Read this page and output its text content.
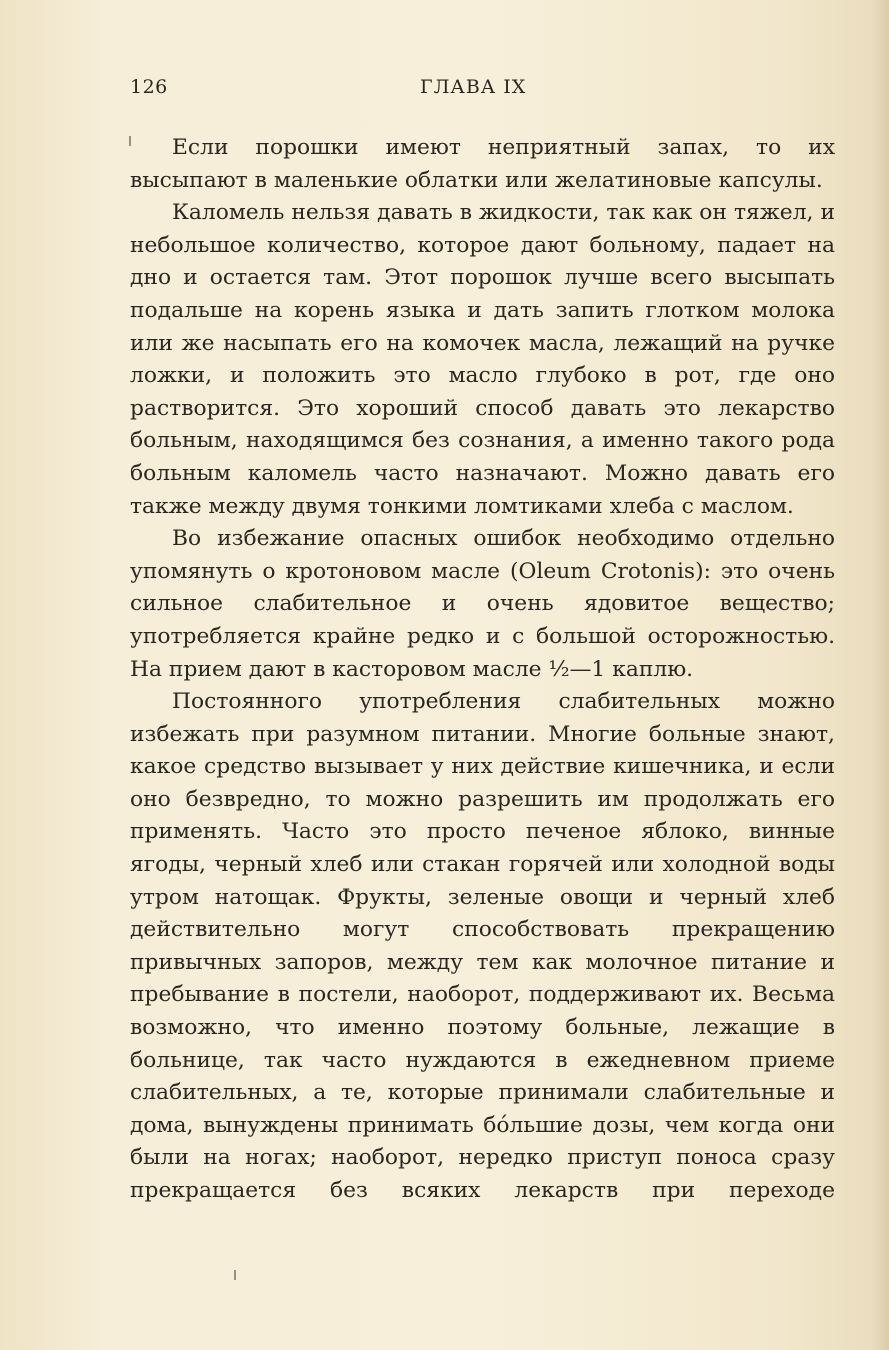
126	ГЛАВА IX

Если порошки имеют неприятный запах, то их высыпают в маленькие облатки или желатиновые капсулы.

Каломель нельзя давать в жидкости, так как он тяжел, и небольшое количество, которое дают больному, падает на дно и остается там. Этот порошок лучше всего высыпать подальше на корень языка и дать запить глотком молока или же насыпать его на комочек масла, лежащий на ручке ложки, и положить это масло глубоко в рот, где оно растворится. Это хороший способ давать это лекарство больным, находящимся без сознания, а именно такого рода больным каломель часто назначают. Можно давать его также между двумя тонкими ломтиками хлеба с маслом.

Во избежание опасных ошибок необходимо отдельно упомянуть о кротоновом масле (Oleum Crotonis): это очень сильное слабительное и очень ядовитое вещество; употребляется крайне редко и с большой осторожностью. На прием дают в касторовом масле ½—1 каплю.

Постоянного употребления слабительных можно избежать при разумном питании. Многие больные знают, какое средство вызывает у них действие кишечника, и если оно безвредно, то можно разрешить им продолжать его применять. Часто это просто печеное яблоко, винные ягоды, черный хлеб или стакан горячей или холодной воды утром натощак. Фрукты, зеленые овощи и черный хлеб действительно могут способствовать прекращению привычных запоров, между тем как молочное питание и пребывание в постели, наоборот, поддерживают их. Весьма возможно, что именно поэтому больные, лежащие в больнице, так часто нуждаются в ежедневном приеме слабительных, а те, которые принимали слабительные и дома, вынуждены принимать бо́льшие дозы, чем когда они были на ногах; наоборот, нередко приступ поноса сразу прекращается без всяких лекарств при переходе
